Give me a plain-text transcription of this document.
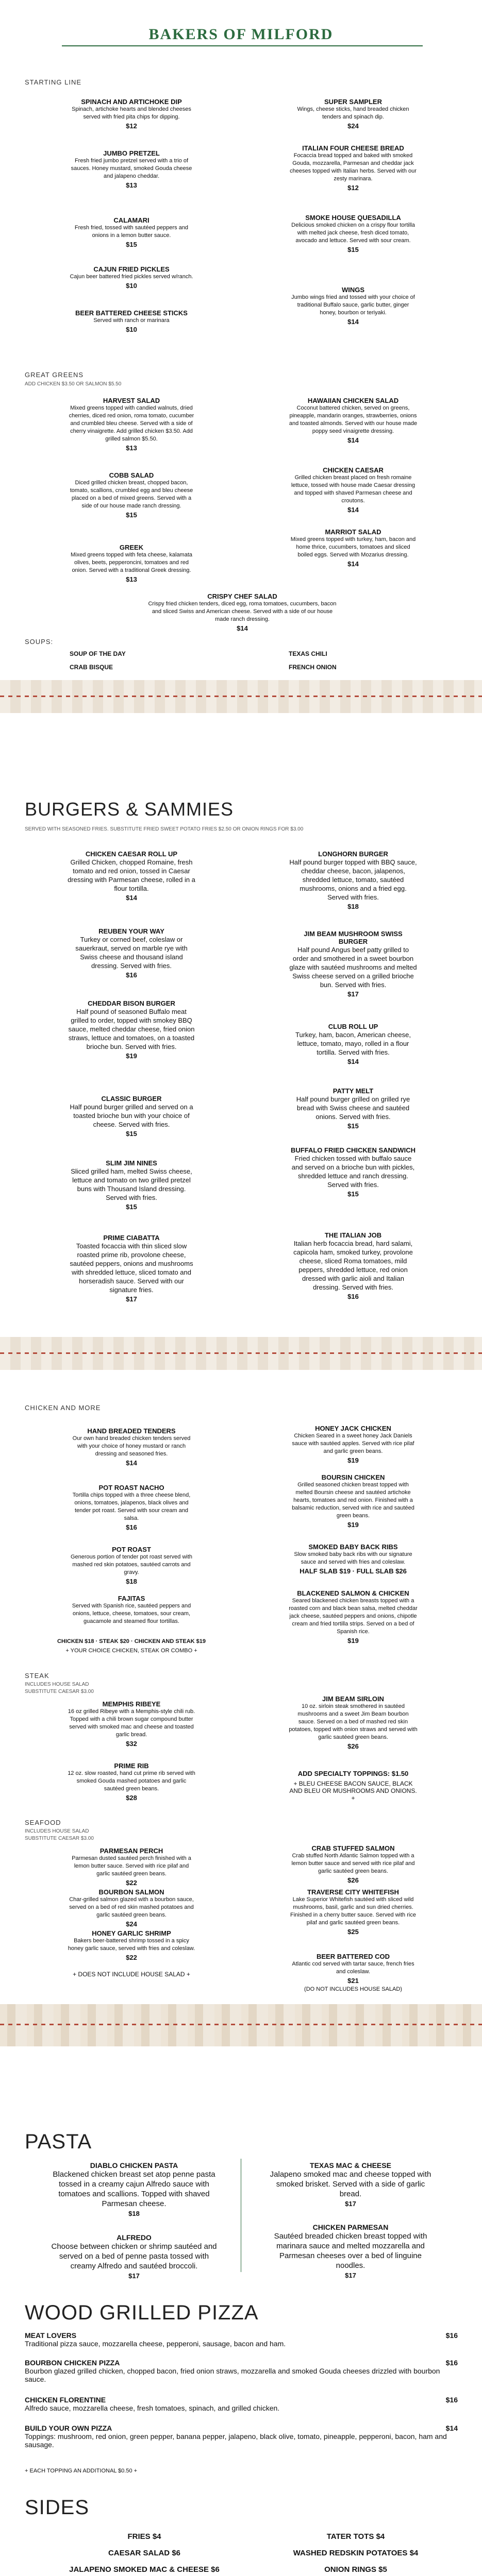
BAKERS OF MILFORD
STARTING LINE
SPINACH AND ARTICHOKE DIP
Spinach, artichoke hearts and blended cheeses served with fried pita chips for dipping.
$12
JUMBO PRETZEL
Fresh fried jumbo pretzel served with a trio of sauces. Honey mustard, smoked Gouda cheese and jalapeno cheddar.
$13
CALAMARI
Fresh fried, tossed with sautéed peppers and onions in a lemon butter sauce.
$15
CAJUN FRIED PICKLES
Cajun beer battered fried pickles served w/ranch.
$10
BEER BATTERED CHEESE STICKS
Served with ranch or marinara
$10
SUPER SAMPLER
Wings, cheese sticks, hand breaded chicken tenders and spinach dip.
$24
ITALIAN FOUR CHEESE BREAD
Focaccia bread topped and baked with smoked Gouda, mozzarella, Parmesan and cheddar jack cheeses topped with Italian herbs. Served with our zesty marinara.
$12
SMOKE HOUSE QUESADILLA
Delicious smoked chicken on a crispy flour tortilla with melted jack cheese, fresh diced tomato, avocado and lettuce. Served with sour cream.
$15
WINGS
Jumbo wings fried and tossed with your choice of traditional Buffalo sauce, garlic butter, ginger honey, bourbon or teriyaki.
$14
GREAT GREENS
ADD CHICKEN $3.50 OR SALMON $5.50
HARVEST SALAD
Mixed greens topped with candied walnuts, dried cherries, diced red onion, roma tomato, cucumber and crumbled bleu cheese. Served with a side of cherry vinaigrette. Add grilled chicken $3.50. Add grilled salmon $5.50.
$13
COBB SALAD
Diced grilled chicken breast, chopped bacon, tomato, scallions, crumbled egg and bleu cheese placed on a bed of mixed greens. Served with a side of our house made ranch dressing.
$15
GREEK
Mixed greens topped with feta cheese, kalamata olives, beets, pepperoncini, tomatoes and red onion. Served with a traditional Greek dressing.
$13
HAWAIIAN CHICKEN SALAD
Coconut battered chicken, served on greens, pineapple, mandarin oranges, strawberries, onions and toasted almonds. Served with our house made poppy seed vinaigrette dressing.
$14
CHICKEN CAESAR
Grilled chicken breast placed on fresh romaine lettuce, tossed with house made Caesar dressing and topped with shaved Parmesan cheese and croutons.
$14
MARRIOT SALAD
Mixed greens topped with turkey, ham, bacon and home thrice, cucumbers, tomatoes and sliced boiled eggs. Served with Mozarius dressing.
$14
CRISPY CHEF SALAD
Crispy fried chicken tenders, diced egg, roma tomatoes, cucumbers, bacon and sliced Swiss and American cheese. Served with a side of our house made ranch dressing.
$14
SOUPS:
SOUP OF THE DAY
CRAB BISQUE
TEXAS CHILI
FRENCH ONION
BURGERS & SAMMIES
SERVED WITH SEASONED FRIES. SUBSTITUTE FRIED SWEET POTATO FRIES $2.50 OR ONION RINGS FOR $3.00
CHICKEN CAESAR ROLL UP
Grilled Chicken, chopped Romaine, fresh tomato and red onion, tossed in Caesar dressing with Parmesan cheese, rolled in a flour tortilla.
$14
REUBEN YOUR WAY
Turkey or corned beef, coleslaw or sauerkraut, served on marble rye with Swiss cheese and thousand island dressing. Served with fries.
$16
CHEDDAR BISON BURGER
Half pound of seasoned Buffalo meat grilled to order, topped with smokey BBQ sauce, melted cheddar cheese, fried onion straws, lettuce and tomatoes, on a toasted brioche bun. Served with fries.
$19
CLASSIC BURGER
Half pound burger grilled and served on a toasted brioche bun with your choice of cheese. Served with fries.
$15
SLIM JIM NINES
Sliced grilled ham, melted Swiss cheese, lettuce and tomato on two grilled pretzel buns with Thousand Island dressing. Served with fries.
$15
PRIME CIABATTA
Toasted focaccia with thin sliced slow roasted prime rib, provolone cheese, sautéed peppers, onions and mushrooms with shredded lettuce, sliced tomato and horseradish sauce. Served with our signature fries.
$17
LONGHORN BURGER
Half pound burger topped with BBQ sauce, cheddar cheese, bacon, jalapenos, shredded lettuce, tomato, sautéed mushrooms, onions and a fried egg. Served with fries.
$18
JIM BEAM MUSHROOM SWISS BURGER
Half pound Angus beef patty grilled to order and smothered in a sweet bourbon glaze with sautéed mushrooms and melted Swiss cheese served on a grilled brioche bun. Served with fries.
$17
CLUB ROLL UP
Turkey, ham, bacon, American cheese, lettuce, tomato, mayo, rolled in a flour tortilla. Served with fries.
$14
PATTY MELT
Half pound burger grilled on grilled rye bread with Swiss cheese and sautéed onions. Served with fries.
$15
BUFFALO FRIED CHICKEN SANDWICH
Fried chicken tossed with buffalo sauce and served on a brioche bun with pickles, shredded lettuce and ranch dressing. Served with fries.
$15
THE ITALIAN JOB
Italian herb focaccia bread, hard salami, capicola ham, smoked turkey, provolone cheese, sliced Roma tomatoes, mild peppers, shredded lettuce, red onion dressed with garlic aioli and Italian dressing. Served with fries.
$16
CHICKEN AND MORE
HAND BREADED TENDERS
Our own hand breaded chicken tenders served with your choice of honey mustard or ranch dressing and seasoned fries.
$14
POT ROAST NACHO
Tortilla chips topped with a three cheese blend, onions, tomatoes, jalapenos, black olives and tender pot roast. Served with sour cream and salsa.
$16
POT ROAST
Generous portion of tender pot roast served with mashed red skin potatoes, sautéed carrots and gravy.
$18
FAJITAS
Served with Spanish rice, sautéed peppers and onions, lettuce, cheese, tomatoes, sour cream, guacamole and steamed flour tortillas.
CHICKEN $18 · STEAK $20 · CHICKEN AND STEAK $19
+ YOUR CHOICE CHICKEN, STEAK OR COMBO +
HONEY JACK CHICKEN
Chicken Seared in a sweet honey Jack Daniels sauce with sautéed apples. Served with rice pilaf and garlic green beans.
$19
BOURSIN CHICKEN
Grilled seasoned chicken breast topped with melted Boursin cheese and sautéed artichoke hearts, tomatoes and red onion. Finished with a balsamic reduction, served with rice and sautéed green beans.
$19
SMOKED BABY BACK RIBS
Slow smoked baby back ribs with our signature sauce and served with fries and coleslaw.
HALF SLAB $19 · FULL SLAB $26
BLACKENED SALMON & CHICKEN
Seared blackened chicken breasts topped with a roasted corn and black bean salsa, melted cheddar jack cheese, sautéed peppers and onions, chipotle cream and fried tortilla strips. Served on a bed of Spanish rice.
$19
STEAK
INCLUDES HOUSE SALAD
SUBSTITUTE CAESAR $3.00
MEMPHIS RIBEYE
16 oz grilled Ribeye with a Memphis-style chili rub. Topped with a chili brown sugar compound butter served with smoked mac and cheese and toasted garlic bread.
$32
PRIME RIB
12 oz. slow roasted, hand cut prime rib served with smoked Gouda mashed potatoes and garlic sautéed green beans.
$28
JIM BEAM SIRLOIN
10 oz. sirloin steak smothered in sautéed mushrooms and a sweet Jim Beam bourbon sauce. Served on a bed of mashed red skin potatoes, topped with onion straws and served with garlic sautéed green beans.
$26
ADD SPECIALTY TOPPINGS: $1.50
+ BLEU CHEESE BACON SAUCE, BLACK AND BLEU OR MUSHROOMS AND ONIONS. +
SEAFOOD
INCLUDES HOUSE SALAD
SUBSTITUTE CAESAR $3.00
PARMESAN PERCH
Parmesan dusted sautéed perch finished with a lemon butter sauce. Served with rice pilaf and garlic sautéed green beans.
$22
BOURBON SALMON
Char-grilled salmon glazed with a bourbon sauce, served on a bed of red skin mashed potatoes and garlic sautéed green beans.
$24
HONEY GARLIC SHRIMP
Bakers beer-battered shrimp tossed in a spicy honey garlic sauce, served with fries and coleslaw.
$22
+ DOES NOT INCLUDE HOUSE SALAD +
CRAB STUFFED SALMON
Crab stuffed North Atlantic Salmon topped with a lemon butter sauce and served with rice pilaf and garlic sautéed green beans.
$26
TRAVERSE CITY WHITEFISH
Lake Superior Whitefish sautéed with sliced wild mushrooms, basil, garlic and sun dried cherries. Finished in a cherry butter sauce. Served with rice pilaf and garlic sautéed green beans.
$25
BEER BATTERED COD
Atlantic cod served with tartar sauce, french fries and coleslaw.
$21
(DO NOT INCLUDES HOUSE SALAD)
PASTA
DIABLO CHICKEN PASTA
Blackened chicken breast set atop penne pasta tossed in a creamy cajun Alfredo sauce with tomatoes and scallions. Topped with shaved Parmesan cheese.
$18
ALFREDO
Choose between chicken or shrimp sautéed and served on a bed of penne pasta tossed with creamy Alfredo and sautéed broccoli.
$17
TEXAS MAC & CHEESE
Jalapeno smoked mac and cheese topped with smoked brisket. Served with a side of garlic bread.
$17
CHICKEN PARMESAN
Sautéed breaded chicken breast topped with marinara sauce and melted mozzarella and Parmesan cheeses over a bed of linguine noodles.
$17
WOOD GRILLED PIZZA
MEAT LOVERS	$16
Traditional pizza sauce, mozzarella cheese, pepperoni, sausage, bacon and ham.
BOURBON CHICKEN PIZZA	$16
Bourbon glazed grilled chicken, chopped bacon, fried onion straws, mozzarella and smoked Gouda cheeses drizzled with bourbon sauce.
CHICKEN FLORENTINE	$16
Alfredo sauce, mozzarella cheese, fresh tomatoes, spinach, and grilled chicken.
BUILD YOUR OWN PIZZA	$14
Toppings: mushroom, red onion, green pepper, banana pepper, jalapeno, black olive, tomato, pineapple, pepperoni, bacon, ham and sausage.
+ EACH TOPPING AN ADDITIONAL $0.50 +
SIDES
FRIES $4
CAESAR SALAD $6
JALAPENO SMOKED MAC & CHEESE $6
TATER TOTS $4
WASHED REDSKIN POTATOES $4
ONION RINGS $5
